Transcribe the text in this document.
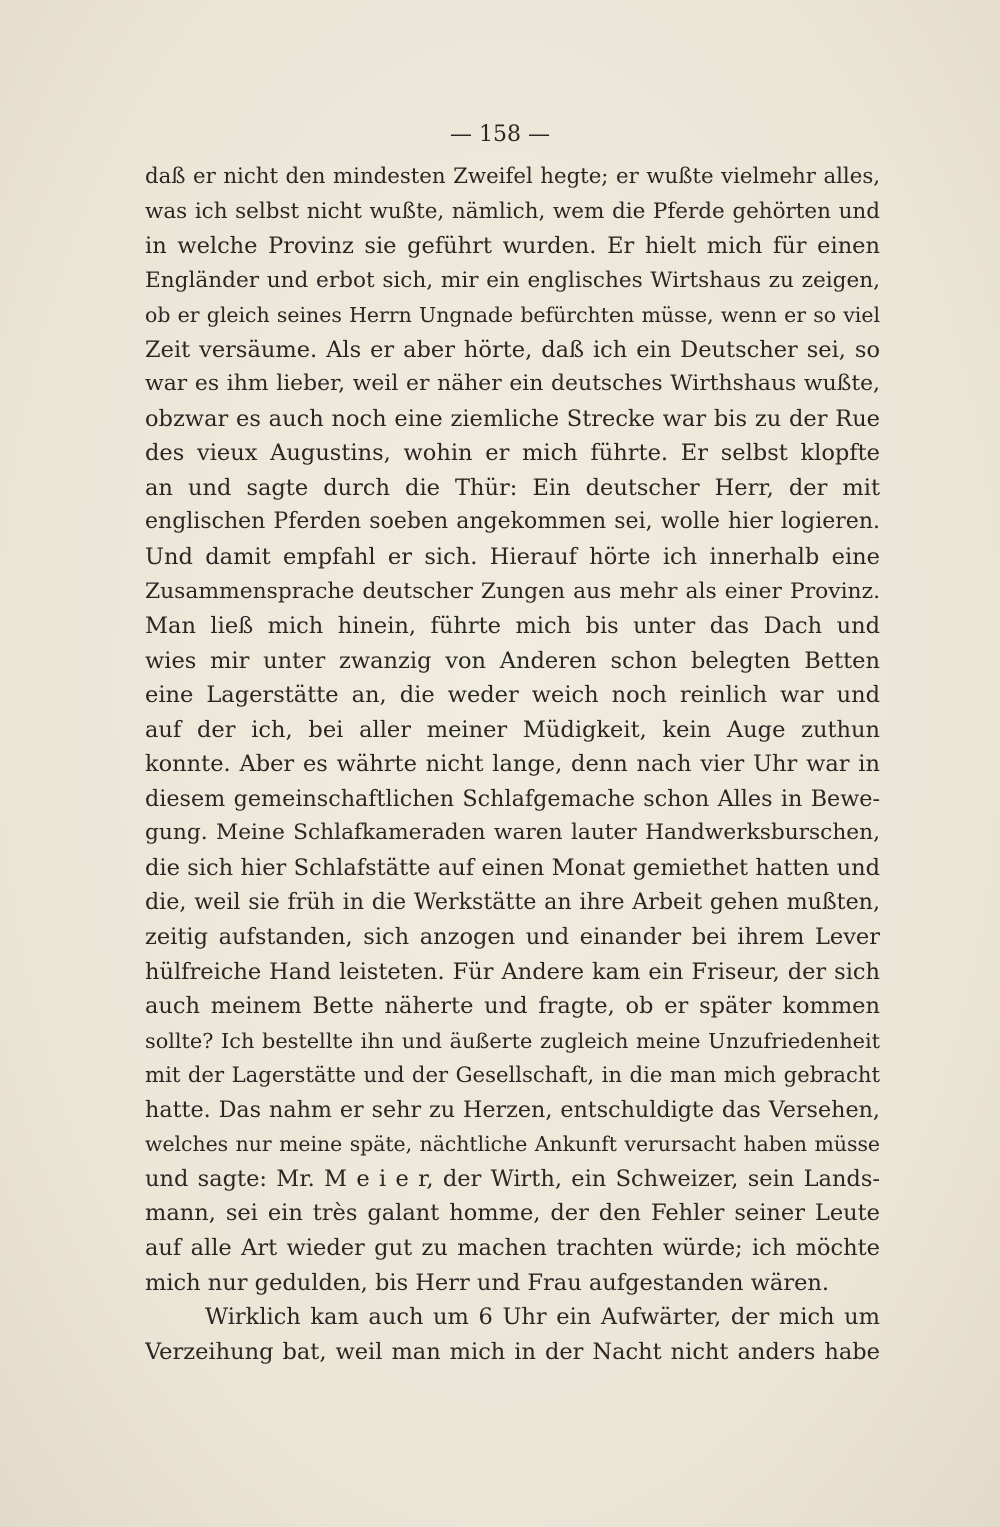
— 158 —
daß er nicht den mindesten Zweifel hegte; er wußte vielmehr alles,
was ich selbst nicht wußte, nämlich, wem die Pferde gehörten und
in welche Provinz sie geführt wurden. Er hielt mich für einen
Engländer und erbot sich, mir ein englisches Wirtshaus zu zeigen,
ob er gleich seines Herrn Ungnade befürchten müsse, wenn er so viel
Zeit versäume. Als er aber hörte, daß ich ein Deutscher sei, so
war es ihm lieber, weil er näher ein deutsches Wirthshaus wußte,
obzwar es auch noch eine ziemliche Strecke war bis zu der Rue
des vieux Augustins, wohin er mich führte. Er selbst klopfte
an und sagte durch die Thür: Ein deutscher Herr, der mit
englischen Pferden soeben angekommen sei, wolle hier logieren.
Und damit empfahl er sich. Hierauf hörte ich innerhalb eine
Zusammensprache deutscher Zungen aus mehr als einer Provinz.
Man ließ mich hinein, führte mich bis unter das Dach und
wies mir unter zwanzig von Anderen schon belegten Betten
eine Lagerstätte an, die weder weich noch reinlich war und
auf der ich, bei aller meiner Müdigkeit, kein Auge zuthun
konnte. Aber es währte nicht lange, denn nach vier Uhr war in
diesem gemeinschaftlichen Schlafgemache schon Alles in Bewe-
gung. Meine Schlafkameraden waren lauter Handwerksburschen,
die sich hier Schlafstätte auf einen Monat gemiethet hatten und
die, weil sie früh in die Werkstätte an ihre Arbeit gehen mußten,
zeitig aufstanden, sich anzogen und einander bei ihrem Lever
hülfreiche Hand leisteten. Für Andere kam ein Friseur, der sich
auch meinem Bette näherte und fragte, ob er später kommen
sollte? Ich bestellte ihn und äußerte zugleich meine Unzufriedenheit
mit der Lagerstätte und der Gesellschaft, in die man mich gebracht
hatte. Das nahm er sehr zu Herzen, entschuldigte das Versehen,
welches nur meine späte, nächtliche Ankunft verursacht haben müsse
und sagte: Mr. M e i e r, der Wirth, ein Schweizer, sein Lands-
mann, sei ein très galant homme, der den Fehler seiner Leute
auf alle Art wieder gut zu machen trachten würde; ich möchte
mich nur gedulden, bis Herr und Frau aufgestanden wären.
Wirklich kam auch um 6 Uhr ein Aufwärter, der mich um
Verzeihung bat, weil man mich in der Nacht nicht anders habe
